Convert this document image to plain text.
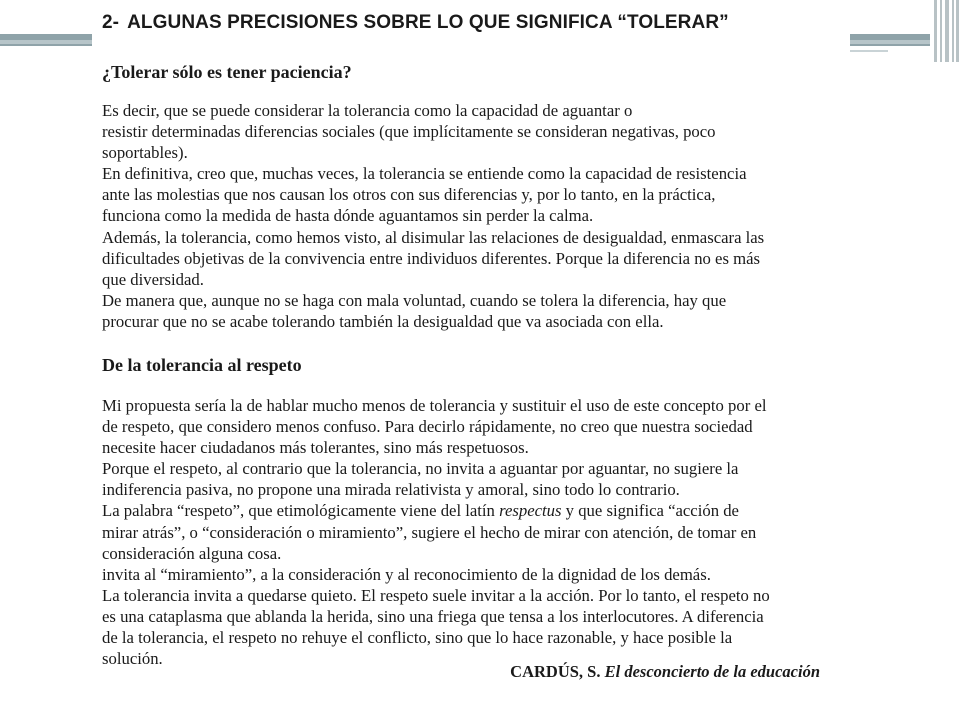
2- ALGUNAS PRECISIONES SOBRE LO QUE SIGNIFICA “TOLERAR”
¿Tolerar sólo es tener paciencia?

Es decir, que se puede considerar la tolerancia como la capacidad de aguantar o

resistir determinadas diferencias sociales (que implícitamente se consideran negativas, poco

soportables).

En definitiva, creo que, muchas veces, la tolerancia se entiende como la capacidad de resistencia

ante las molestias que nos causan los otros con sus diferencias y, por lo tanto, en la práctica,

funciona como la medida de hasta dónde aguantamos sin perder la calma.

Además, la tolerancia, como hemos visto, al disimular las relaciones de desigualdad, enmascara las

dificultades objetivas de la convivencia entre individuos diferentes. Porque la diferencia no es más

que diversidad.

De manera que, aunque no se haga con mala voluntad, cuando se tolera la diferencia, hay que

procurar que no se acabe tolerando también la desigualdad que va asociada con ella.

De la tolerancia al respeto

Mi propuesta sería la de hablar mucho menos de tolerancia y sustituir el uso de este concepto por el

de respeto, que considero menos confuso. Para decirlo rápidamente, no creo que nuestra sociedad

necesite hacer ciudadanos más tolerantes, sino más respetuosos.

Porque el respeto, al contrario que la tolerancia, no invita a aguantar por aguantar, no sugiere la

indiferencia pasiva, no propone una mirada relativista y amoral, sino todo lo contrario.

La palabra “respeto”, que etimológicamente viene del latín respectus y que significa “acción de

mirar atrás”, o “consideración o miramiento”, sugiere el hecho de mirar con atención, de tomar en

consideración alguna cosa.

invita al “miramiento”, a la consideración y al reconocimiento de la dignidad de los demás.

La tolerancia invita a quedarse quieto. El respeto suele invitar a la acción. Por lo tanto, el respeto no

es una cataplasma que ablanda la herida, sino una friega que tensa a los interlocutores. A diferencia

de la tolerancia, el respeto no rehuye el conflicto, sino que lo hace razonable, y hace posible la

solución.

CARDÚS, S. El desconcierto de la educación
